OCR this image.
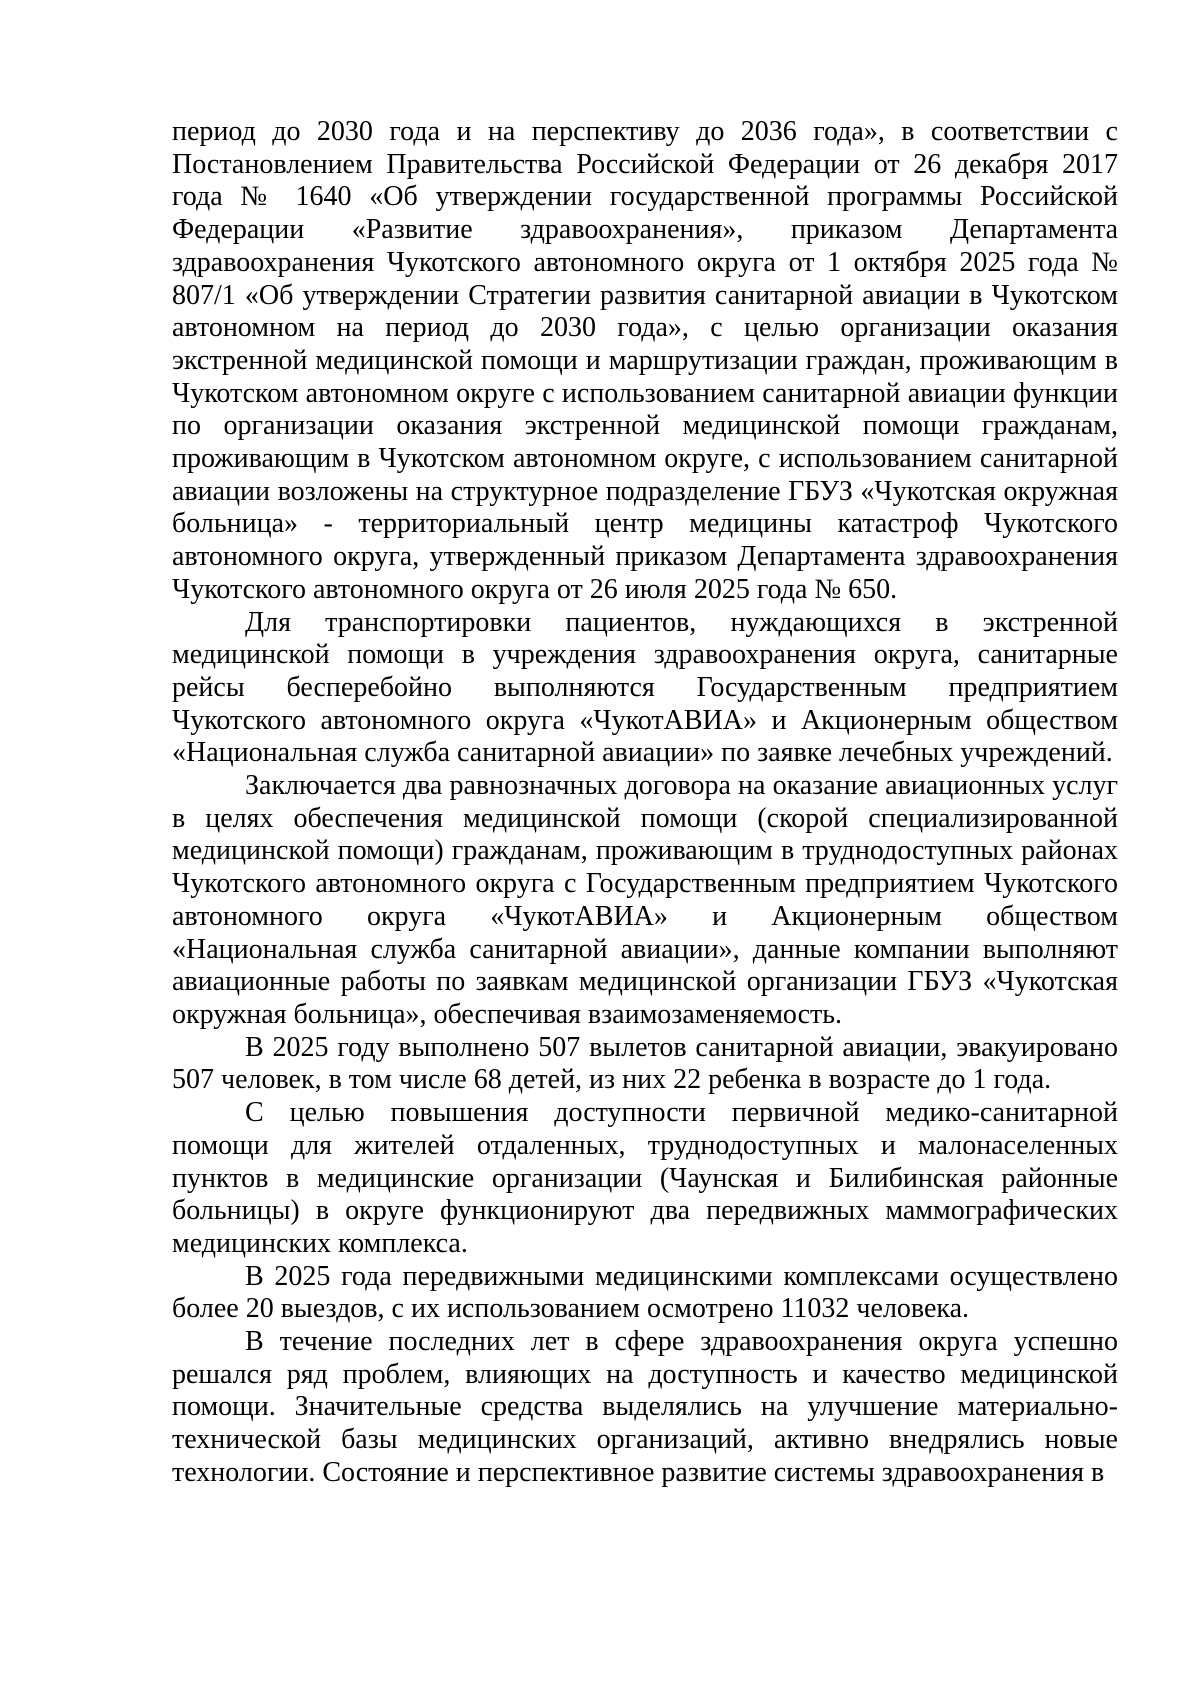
период до 2030 года и на перспективу до 2036 года», в соответствии с Постановлением Правительства Российской Федерации от 26 декабря 2017 года № 1640 «Об утверждении государственной программы Российской Федерации «Развитие здравоохранения», приказом Департамента здравоохранения Чукотского автономного округа от 1 октября 2025 года № 807/1 «Об утверждении Стратегии развития санитарной авиации в Чукотском автономном на период до 2030 года», с целью организации оказания экстренной медицинской помощи и маршрутизации граждан, проживающим в Чукотском автономном округе с использованием санитарной авиации функции по организации оказания экстренной медицинской помощи гражданам, проживающим в Чукотском автономном округе, с использованием санитарной авиации возложены на структурное подразделение ГБУЗ «Чукотская окружная больница» - территориальный центр медицины катастроф Чукотского автономного округа, утвержденный приказом Департамента здравоохранения Чукотского автономного округа от 26 июля 2025 года № 650.

Для транспортировки пациентов, нуждающихся в экстренной медицинской помощи в учреждения здравоохранения округа, санитарные рейсы бесперебойно выполняются Государственным предприятием Чукотского автономного округа «ЧукотАВИА» и Акционерным обществом «Национальная служба санитарной авиации» по заявке лечебных учреждений.

Заключается два равнозначных договора на оказание авиационных услуг в целях обеспечения медицинской помощи (скорой специализированной медицинской помощи) гражданам, проживающим в труднодоступных районах Чукотского автономного округа с Государственным предприятием Чукотского автономного округа «ЧукотАВИА» и Акционерным обществом «Национальная служба санитарной авиации», данные компании выполняют авиационные работы по заявкам медицинской организации ГБУЗ «Чукотская окружная больница», обеспечивая взаимозаменяемость.

В 2025 году выполнено 507 вылетов санитарной авиации, эвакуировано 507 человек, в том числе 68 детей, из них 22 ребенка в возрасте до 1 года.

С целью повышения доступности первичной медико-санитарной помощи для жителей отдаленных, труднодоступных и малонаселенных пунктов в медицинские организации (Чаунская и Билибинская районные больницы) в округе функционируют два передвижных маммографических медицинских комплекса.

В 2025 года передвижными медицинскими комплексами осуществлено более 20 выездов, с их использованием осмотрено 11032 человека.

В течение последних лет в сфере здравоохранения округа успешно решался ряд проблем, влияющих на доступность и качество медицинской помощи. Значительные средства выделялись на улучшение материально-технической базы медицинских организаций, активно внедрялись новые технологии. Состояние и перспективное развитие системы здравоохранения в
